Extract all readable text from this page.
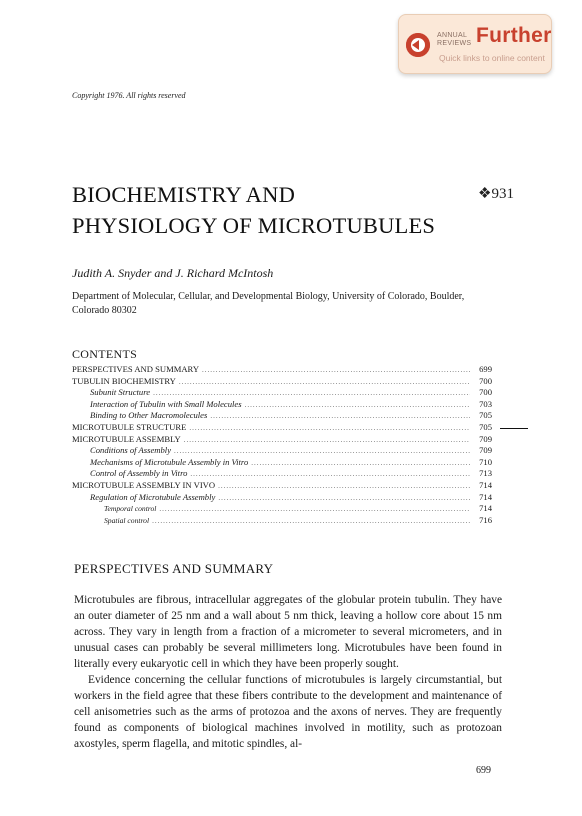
ANNUAL REVIEWS Further
Quick links to online content
Copyright 1976. All rights reserved
BIOCHEMISTRY AND
PHYSIOLOGY OF MICROTUBULES
❖931
Judith A. Snyder and J. Richard McIntosh
Department of Molecular, Cellular, and Developmental Biology, University of Colorado, Boulder, Colorado 80302
CONTENTS
PERSPECTIVES AND SUMMARY .....	699
TUBULIN BIOCHEMISTRY .....	700
Subunit Structure .....	700
Interaction of Tubulin with Small Molecules .....	703
Binding to Other Macromolecules .....	705
MICROTUBULE STRUCTURE .....	705
MICROTUBULE ASSEMBLY .....	709
Conditions of Assembly .....	709
Mechanisms of Microtubule Assembly in Vitro .....	710
Control of Assembly in Vitro .....	713
MICROTUBULE ASSEMBLY IN VIVO .....	714
Regulation of Microtubule Assembly .....	714
Temporal control .....	714
Spatial control .....	716
PERSPECTIVES AND SUMMARY

Microtubules are fibrous, intracellular aggregates of the globular protein tubulin. They have an outer diameter of 25 nm and a wall about 5 nm thick, leaving a hollow core about 15 nm across. They vary in length from a fraction of a micrometer to several micrometers, and in unusual cases can probably be several millimeters long. Microtubules have been found in literally every eukaryotic cell in which they have been properly sought.

Evidence concerning the cellular functions of microtubules is largely circumstantial, but workers in the field agree that these fibers contribute to the development and maintenance of cell anisometries such as the arms of protozoa and the axons of nerves. They are frequently found as components of biological machines involved in motility, such as protozoan axostyles, sperm flagella, and mitotic spindles, al-

699
